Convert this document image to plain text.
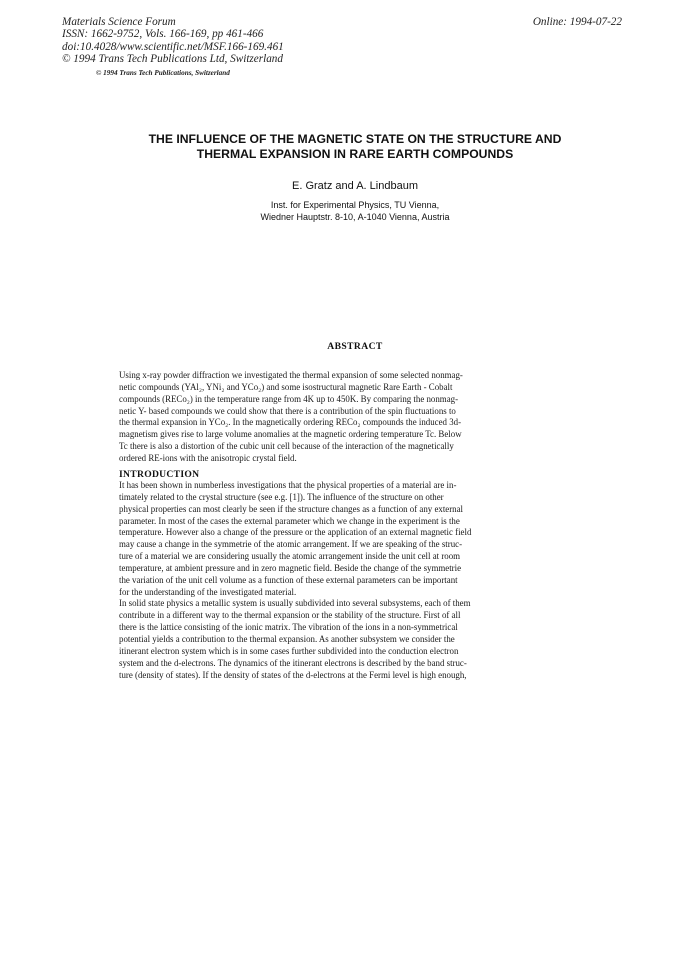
Materials Science Forum
ISSN: 1662-9752, Vols. 166-169, pp 461-466
doi:10.4028/www.scientific.net/MSF.166-169.461
© 1994 Trans Tech Publications Ltd, Switzerland
Online: 1994-07-22
© 1994 Trans Tech Publications, Switzerland
THE INFLUENCE OF THE MAGNETIC STATE ON THE STRUCTURE AND
THERMAL EXPANSION IN RARE EARTH COMPOUNDS
E. Gratz and A. Lindbaum
Inst. for Experimental Physics, TU Vienna,
Wiedner Hauptstr. 8-10, A-1040 Vienna, Austria
ABSTRACT
Using x-ray powder diffraction we investigated the thermal expansion of some selected nonmag-
netic compounds (YAl₂, YNi₂ and YCo₂) and some isostructural magnetic Rare Earth - Cobalt
compounds (RECo₂) in the temperature range from 4K up to 450K. By comparing the nonmag-
netic Y- based compounds we could show that there is a contribution of the spin fluctuations to
the thermal expansion in YCo₂. In the magnetically ordering RECo₂ compounds the induced 3d-
magnetism gives rise to large volume anomalies at the magnetic ordering temperature Tc. Below
Tc there is also a distortion of the cubic unit cell because of the interaction of the magnetically
ordered RE-ions with the anisotropic crystal field.
INTRODUCTION
It has been shown in numberless investigations that the physical properties of a material are in-
timately related to the crystal structure (see e.g. [1]). The influence of the structure on other
physical properties can most clearly be seen if the structure changes as a function of any external
parameter. In most of the cases the external parameter which we change in the experiment is the
temperature. However also a change of the pressure or the application of an external magnetic field
may cause a change in the symmetrie of the atomic arrangement. If we are speaking of the struc-
ture of a material we are considering usually the atomic arrangement inside the unit cell at room
temperature, at ambient pressure and in zero magnetic field. Beside the change of the symmetrie
the variation of the unit cell volume as a function of these external parameters can be important
for the understanding of the investigated material.
In solid state physics a metallic system is usually subdivided into several subsystems, each of them
contribute in a different way to the thermal expansion or the stability of the structure. First of all
there is the lattice consisting of the ionic matrix. The vibration of the ions in a non-symmetrical
potential yields a contribution to the thermal expansion. As another subsystem we consider the
itinerant electron system which is in some cases further subdivided into the conduction electron
system and the d-electrons. The dynamics of the itinerant electrons is described by the band struc-
ture (density of states). If the density of states of the d-electrons at the Fermi level is high enough,
